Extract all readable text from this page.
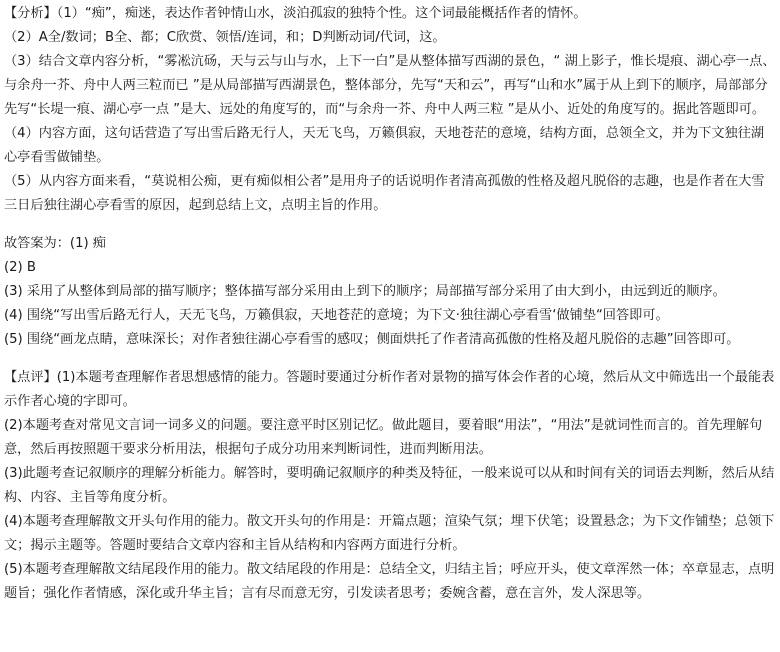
【分析】（1）“痴”，痴迷，表达作者钟情山水，淡泊孤寂的独特个性。这个词最能概括作者的情怀。

（2）A全/数词；B全、都；C欣赏、领悟/连词，和；D判断动词/代词，这。

（3）结合文章内容分析，“雾凇沆砀，天与云与山与水，上下一白”是从整体描写西湖的景色，“ 湖上影子，惟长堤痕、湖心亭一点、与余舟一芥、舟中人两三粒而已 ”是从局部描写西湖景色，整体部分，先写“天和云”，再写“山和水”属于从上到下的顺序，局部部分先写“长堤一痕、湖心亭一点 ”是大、远处的角度写的，而“与余舟一芥、舟中人两三粒 ”是从小、近处的角度写的。据此答题即可。

（4）内容方面，这句话营造了写出雪后路无行人，天无飞鸟，万籁俱寂，天地苍茫的意境，结构方面，总领全文，并为下文独往湖心亭看雪做铺垫。

（5）从内容方面来看，“莫说相公痴，更有痴似相公者”是用舟子的话说明作者清高孤傲的性格及超凡脱俗的志趣，也是作者在大雪三日后独往湖心亭看雪的原因，起到总结上文，点明主旨的作用。

故答案为：(1) 痴

(2) B

(3) 采用了从整体到局部的描写顺序；整体描写部分采用由上到下的顺序；局部描写部分采用了由大到小，由远到近的顺序。

(4) 围绕“写出雪后路无行人，天无飞鸟，万籁俱寂，天地苍茫的意境；为下文·独往湖心亭看雪‘做铺垫“回答即可。

(5) 围绕“画龙点睛，意味深长；对作者独往湖心亭看雪的感叹；侧面烘托了作者清高孤傲的性格及超凡脱俗的志趣”回答即可。

【点评】(1)本题考查理解作者思想感情的能力。答题时要通过分析作者对景物的描写体会作者的心境，然后从文中筛选出一个最能表示作者心境的字即可。

(2)本题考查对常见文言词一词多义的问题。要注意平时区别记忆。做此题目，要着眼“用法”，“用法”是就词性而言的。首先理解句意，然后再按照题干要求分析用法，根据句子成分功用来判断词性，进而判断用法。

(3)此题考查记叙顺序的理解分析能力。解答时，要明确记叙顺序的种类及特征，一般来说可以从和时间有关的词语去判断，然后从结构、内容、主旨等角度分析。

(4)本题考查理解散文开头句作用的能力。散文开头句的作用是：开篇点题；渲染气氛；埋下伏笔；设置悬念；为下文作铺垫；总领下文；揭示主题等。答题时要结合文章内容和主旨从结构和内容两方面进行分析。

(5)本题考查理解散文结尾段作用的能力。散文结尾段的作用是：总结全文，归结主旨；呼应开头，使文章浑然一体；卒章显志，点明题旨；强化作者情感，深化或升华主旨；言有尽而意无穷，引发读者思考；委婉含蓄，意在言外，发人深思等。
